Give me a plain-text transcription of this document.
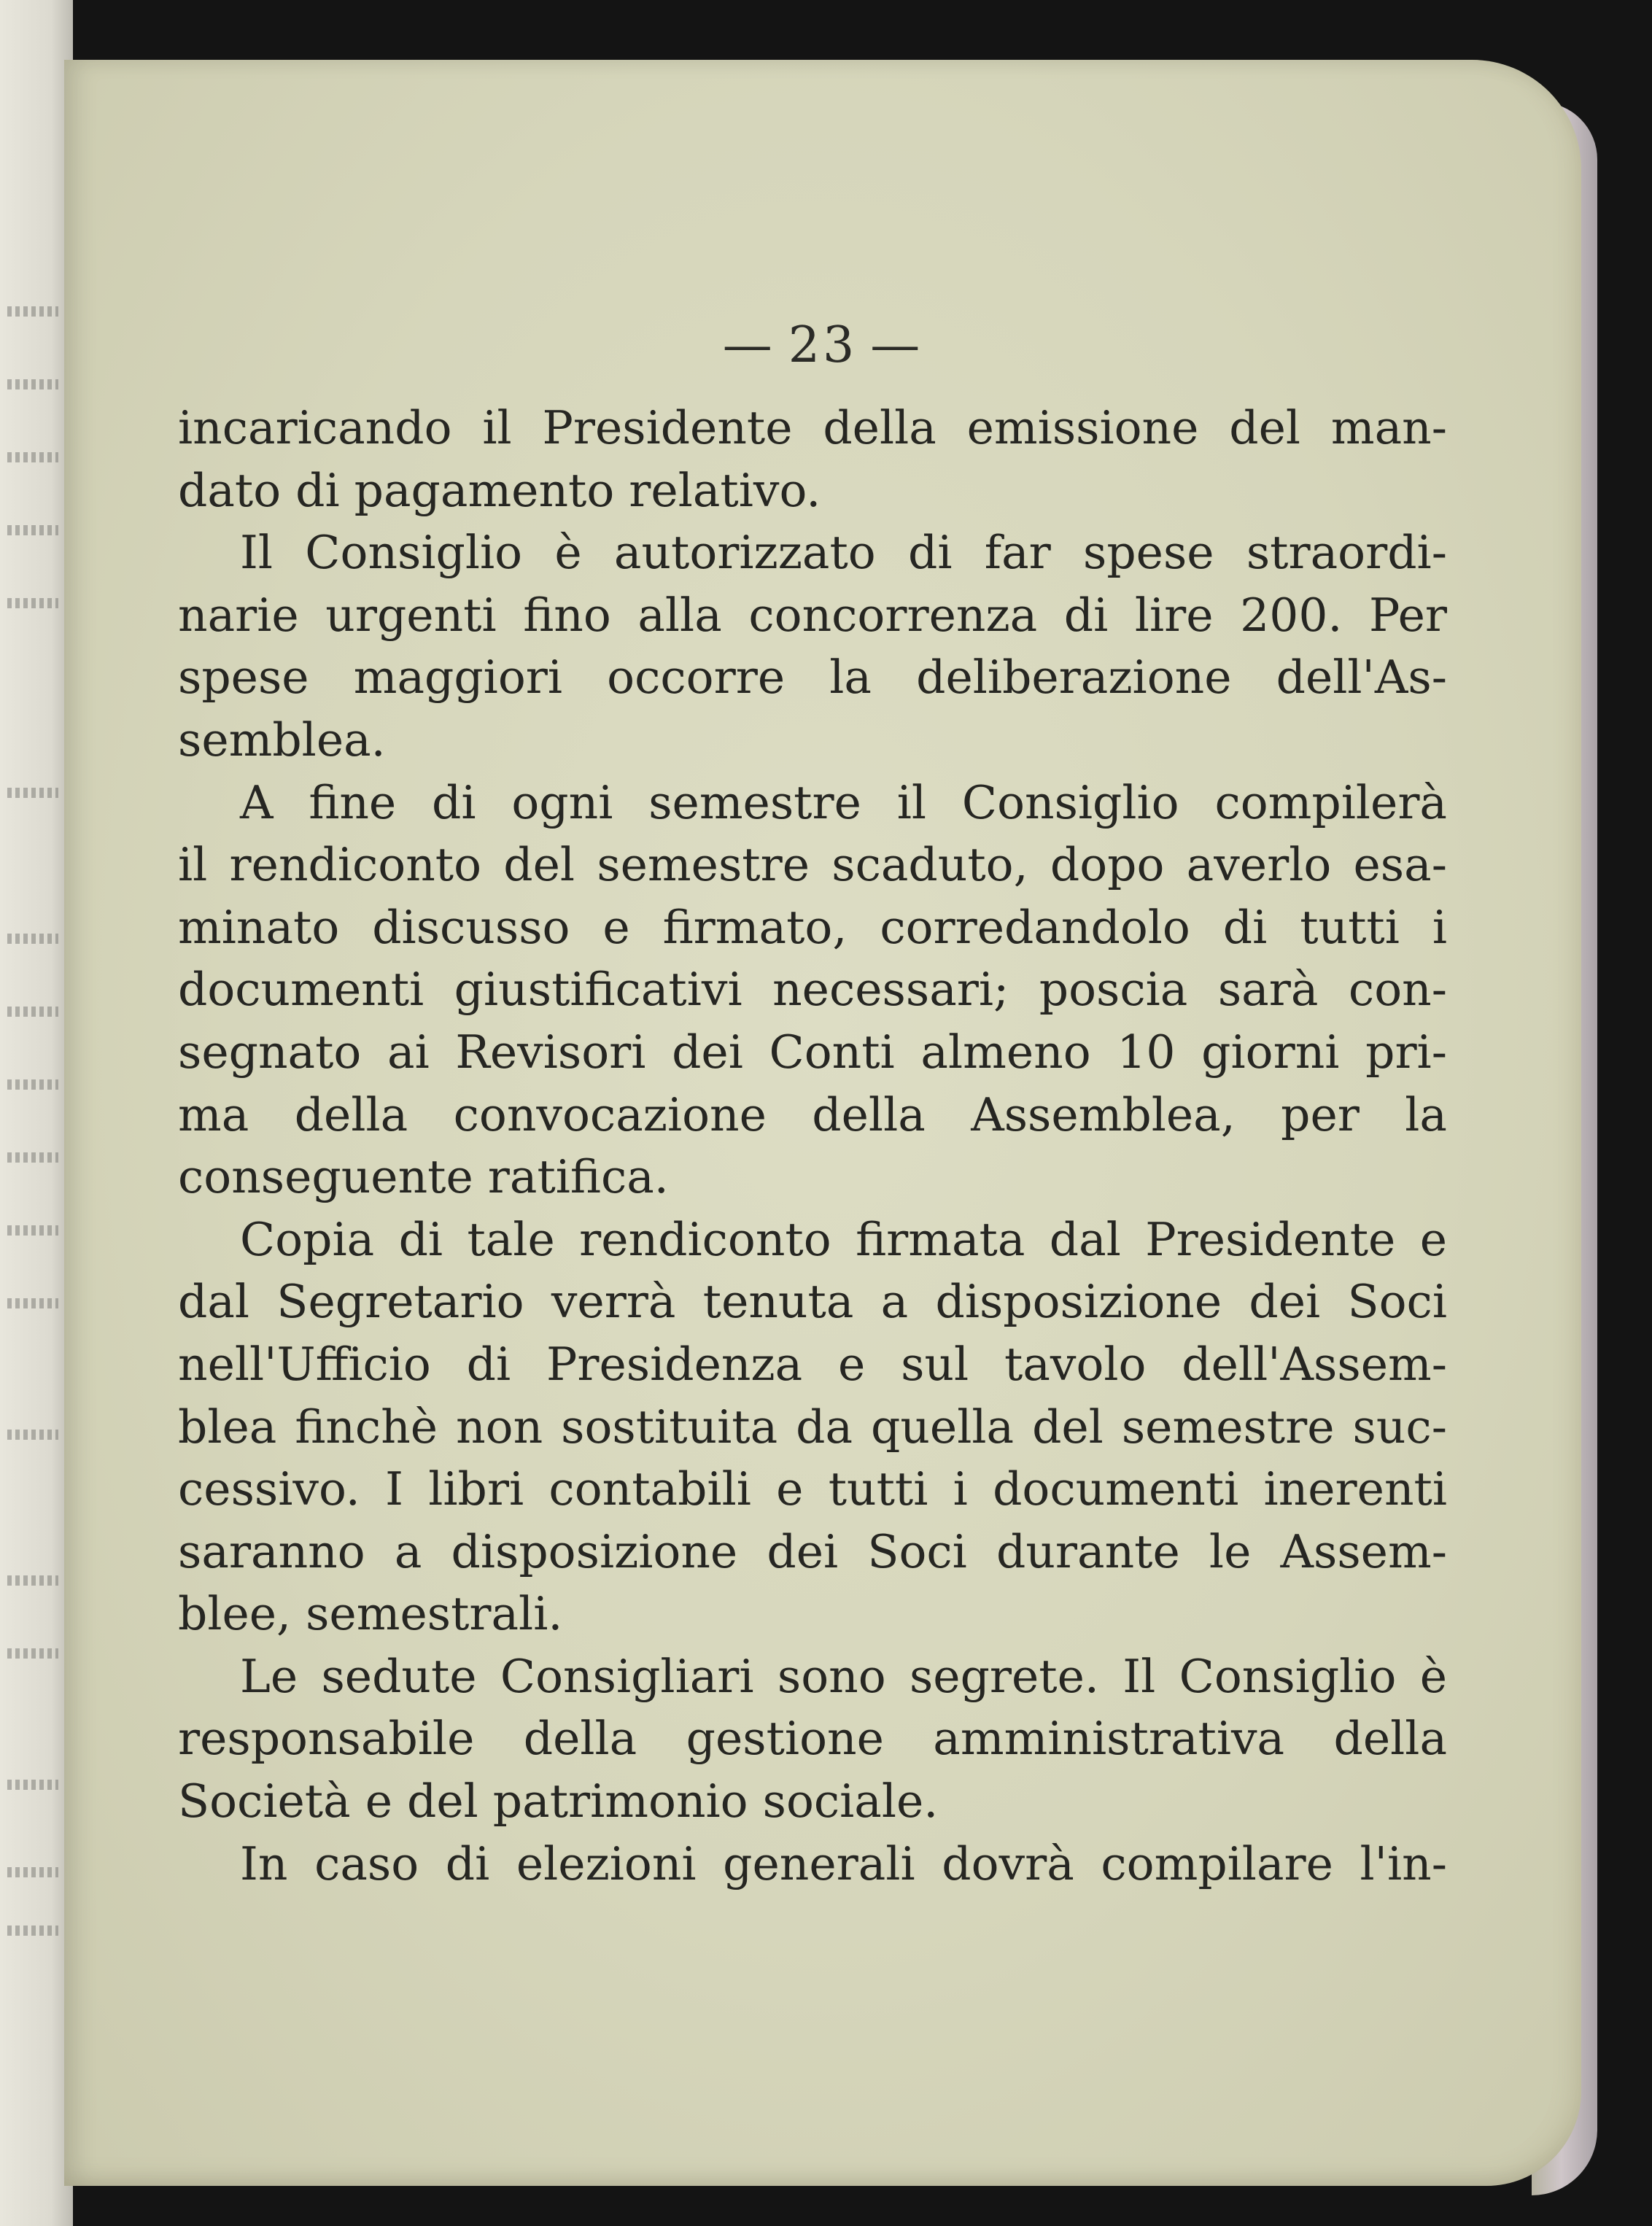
— 23 —
incaricando il Presidente della emissione del man-
dato di pagamento relativo.
Il Consiglio è autorizzato di far spese straordi-
narie urgenti fino alla concorrenza di lire 200. Per
spese maggiori occorre la deliberazione dell'As-
semblea.
A fine di ogni semestre il Consiglio compilerà
il rendiconto del semestre scaduto, dopo averlo esa-
minato discusso e firmato, corredandolo di tutti i
documenti giustificativi necessari; poscia sarà con-
segnato ai Revisori dei Conti almeno 10 giorni pri-
ma della convocazione della Assemblea, per la
conseguente ratifica.
Copia di tale rendiconto firmata dal Presidente e
dal Segretario verrà tenuta a disposizione dei Soci
nell'Ufficio di Presidenza e sul tavolo dell'Assem-
blea finchè non sostituita da quella del semestre suc-
cessivo. I libri contabili e tutti i documenti inerenti
saranno a disposizione dei Soci durante le Assem-
blee, semestrali.
Le sedute Consigliari sono segrete. Il Consiglio è
responsabile della gestione amministrativa della
Società e del patrimonio sociale.
In caso di elezioni generali dovrà compilare l'in-
